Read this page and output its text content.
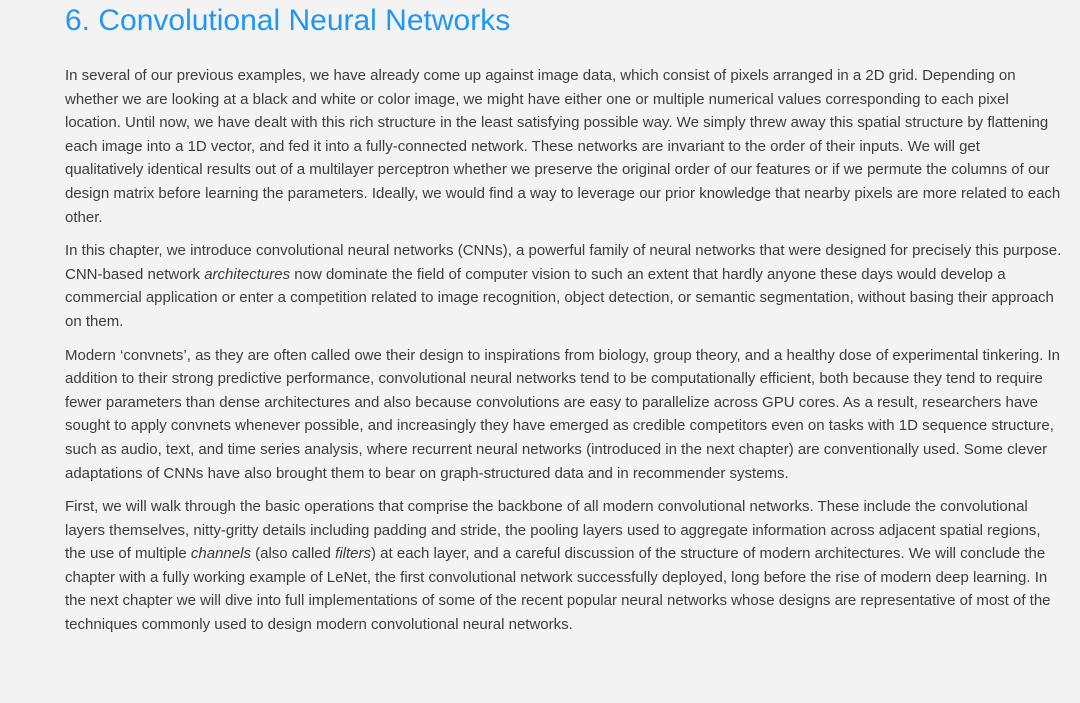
6. Convolutional Neural Networks

In several of our previous examples, we have already come up against image data, which consist of pixels arranged in a 2D grid. Depending on whether we are looking at a black and white or color image, we might have either one or multiple numerical values corresponding to each pixel location. Until now, we have dealt with this rich structure in the least satisfying possible way. We simply threw away this spatial structure by flattening each image into a 1D vector, and fed it into a fully-connected network. These networks are invariant to the order of their inputs. We will get qualitatively identical results out of a multilayer perceptron whether we preserve the original order of our features or if we permute the columns of our design matrix before learning the parameters. Ideally, we would find a way to leverage our prior knowledge that nearby pixels are more related to each other.

In this chapter, we introduce convolutional neural networks (CNNs), a powerful family of neural networks that were designed for precisely this purpose. CNN-based network architectures now dominate the field of computer vision to such an extent that hardly anyone these days would develop a commercial application or enter a competition related to image recognition, object detection, or semantic segmentation, without basing their approach on them.

Modern ‘convnets’, as they are often called owe their design to inspirations from biology, group theory, and a healthy dose of experimental tinkering. In addition to their strong predictive performance, convolutional neural networks tend to be computationally efficient, both because they tend to require fewer parameters than dense architectures and also because convolutions are easy to parallelize across GPU cores. As a result, researchers have sought to apply convnets whenever possible, and increasingly they have emerged as credible competitors even on tasks with 1D sequence structure, such as audio, text, and time series analysis, where recurrent neural networks (introduced in the next chapter) are conventionally used. Some clever adaptations of CNNs have also brought them to bear on graph-structured data and in recommender systems.

First, we will walk through the basic operations that comprise the backbone of all modern convolutional networks. These include the convolutional layers themselves, nitty-gritty details including padding and stride, the pooling layers used to aggregate information across adjacent spatial regions, the use of multiple channels (also called filters) at each layer, and a careful discussion of the structure of modern architectures. We will conclude the chapter with a fully working example of LeNet, the first convolutional network successfully deployed, long before the rise of modern deep learning. In the next chapter we will dive into full implementations of some of the recent popular neural networks whose designs are representative of most of the techniques commonly used to design modern convolutional neural networks.
